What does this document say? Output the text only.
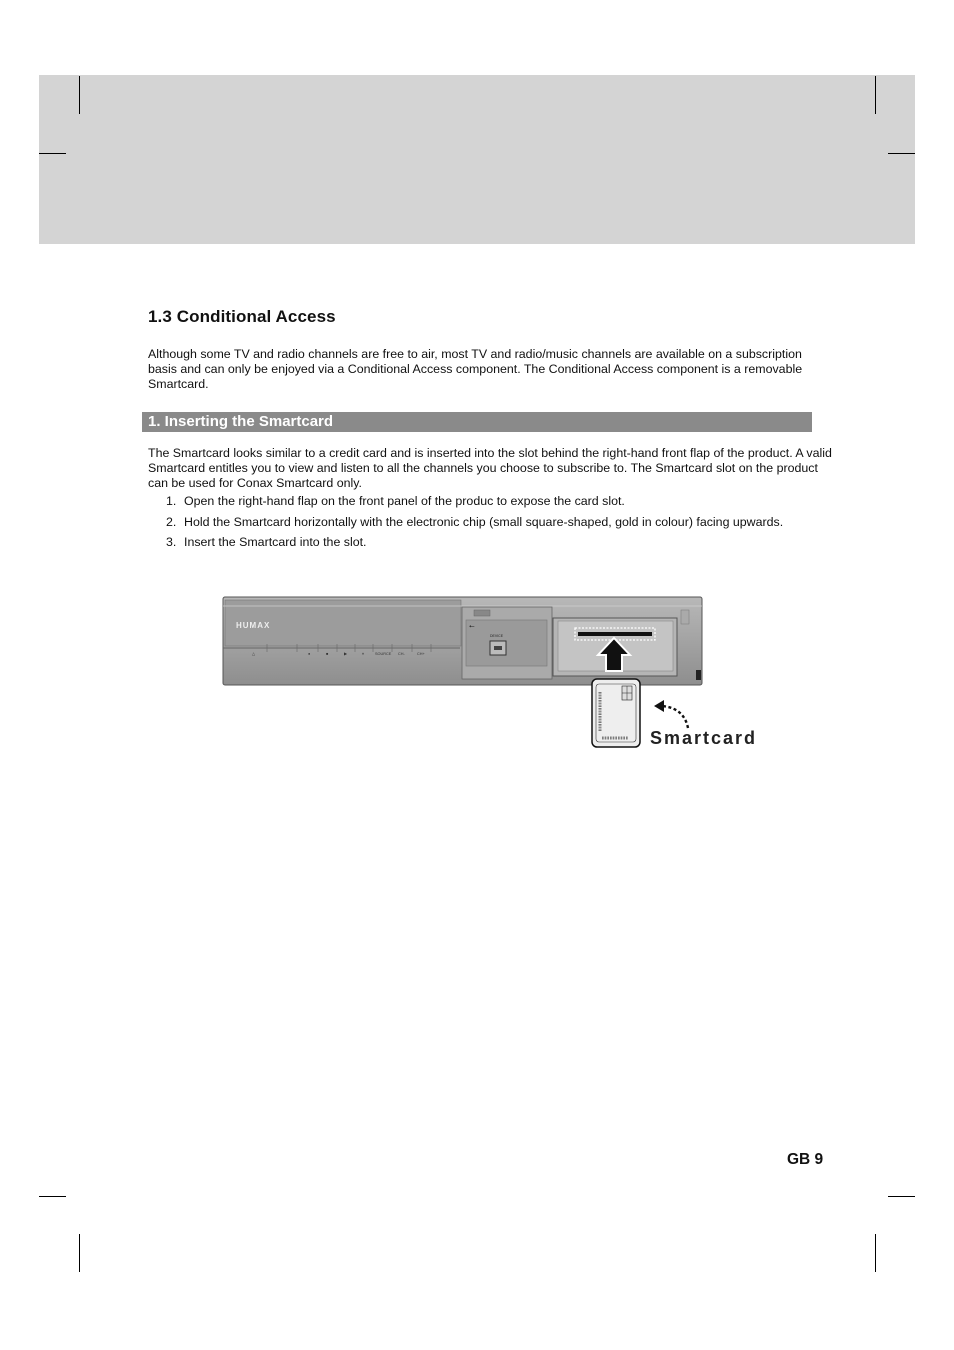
1.3 Conditional Access

Although some TV and radio channels are free to air, most TV and radio/music channels are available on a subscription basis and can only be enjoyed via a Conditional Access component. The Conditional Access component is a removable Smartcard.

1. Inserting the Smartcard

The Smartcard looks similar to a credit card and is inserted into the slot behind the right-hand front flap of the product. A valid Smartcard entitles you to view and listen to all the channels you choose to subscribe to. The Smartcard slot on the product can be used for Conax Smartcard only.

1. Open the right-hand flap on the front panel of the produc to expose the card slot.
2. Hold the Smartcard horizontally with the electronic chip (small square-shaped, gold in colour) facing upwards.
3. Insert the Smartcard into the slot.
HUMAX
△	●	■	▶	⏸	SOURCE CH-	CH+
⭠
DEVICE
Smartcard
GB 9
